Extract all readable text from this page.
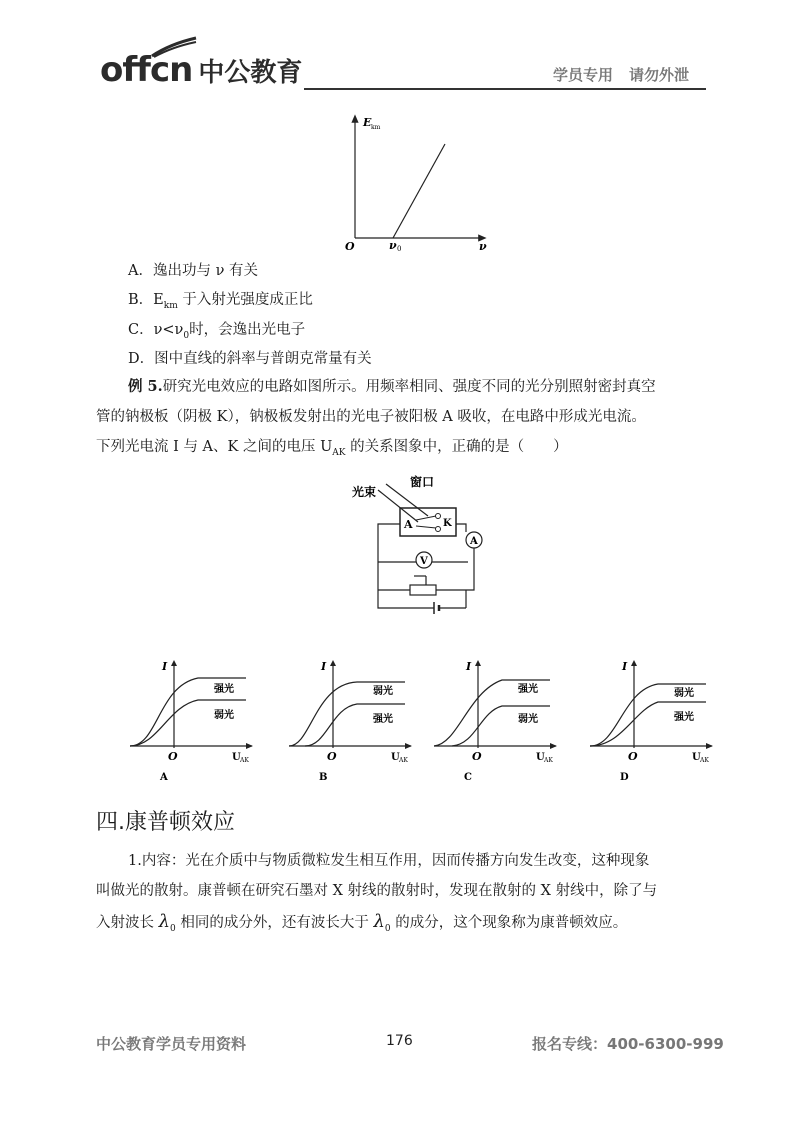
offcn 中公教育	学员专用 请勿外泄
E km
O	ν 0	ν
A．逸出功与 ν 有关
B．$E_{km}$ 于入射光强度成正比
C．$\nu<\nu_0$时，会逸出光电子
D．图中直线的斜率与普朗克常量有关
例 5.研究光电效应的电路如图所示。用频率相同、强度不同的光分别照射密封真空
管的钠极板（阴极 K），钠极板发射出的光电子被阳极 A 吸收，在电路中形成光电流。
下列光电流 I 与 A、K 之间的电压 $U_{AK}$ 的关系图象中，正确的是（　　）
光束
窗口
A	K
A
V
I
O	U AK
强光
弱光
A
I
O	U AK
弱光
强光
B
I
O	U AK
强光
弱光
C
I
O	U AK
弱光
强光
D
四.康普顿效应
1.内容：光在介质中与物质微粒发生相互作用，因而传播方向发生改变，这种现象
叫做光的散射。康普顿在研究石墨对 X 射线的散射时，发现在散射的 X 射线中，除了与
入射波长 $\lambda_0$ 相同的成分外，还有波长大于 $\lambda_0$ 的成分，这个现象称为康普顿效应。
中公教育学员专用资料	176	报名专线：400-6300-999
